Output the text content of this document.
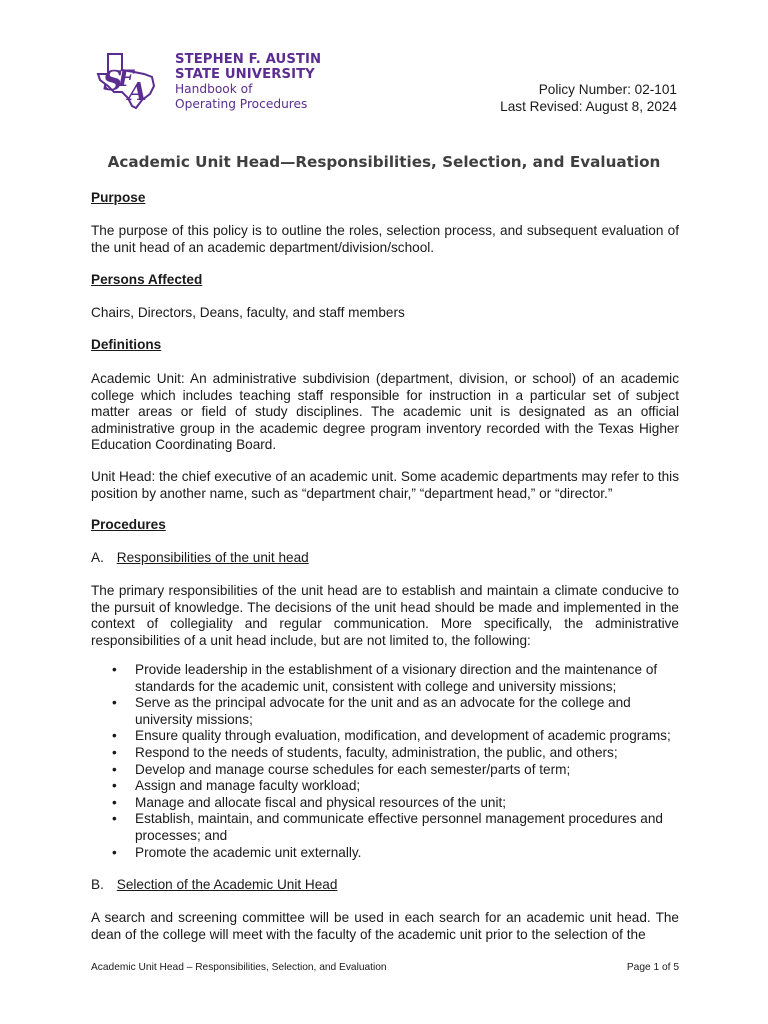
S
F
A
STEPHEN F. AUSTIN
STATE UNIVERSITY
Handbook of
Operating Procedures
Policy Number: 02-101
Last Revised: August 8, 2024
Academic Unit Head—Responsibilities, Selection, and Evaluation
Purpose
The purpose of this policy is to outline the roles, selection process, and subsequent evaluation of the unit head of an academic department/division/school.
Persons Affected
Chairs, Directors, Deans, faculty, and staff members
Definitions
Academic Unit: An administrative subdivision (department, division, or school) of an academic college which includes teaching staff responsible for instruction in a particular set of subject matter areas or field of study disciplines. The academic unit is designated as an official administrative group in the academic degree program inventory recorded with the Texas Higher Education Coordinating Board.
Unit Head: the chief executive of an academic unit. Some academic departments may refer to this position by another name, such as “department chair,” “department head,” or “director.”
Procedures
A. Responsibilities of the unit head
The primary responsibilities of the unit head are to establish and maintain a climate conducive to the pursuit of knowledge. The decisions of the unit head should be made and implemented in the context of collegiality and regular communication. More specifically, the administrative responsibilities of a unit head include, but are not limited to, the following:
• Provide leadership in the establishment of a visionary direction and the maintenance of standards for the academic unit, consistent with college and university missions;
• Serve as the principal advocate for the unit and as an advocate for the college and university missions;
• Ensure quality through evaluation, modification, and development of academic programs;
• Respond to the needs of students, faculty, administration, the public, and others;
• Develop and manage course schedules for each semester/parts of term;
• Assign and manage faculty workload;
• Manage and allocate fiscal and physical resources of the unit;
• Establish, maintain, and communicate effective personnel management procedures and processes; and
• Promote the academic unit externally.
B. Selection of the Academic Unit Head
A search and screening committee will be used in each search for an academic unit head. The dean of the college will meet with the faculty of the academic unit prior to the selection of the
Academic Unit Head – Responsibilities, Selection, and Evaluation	Page 1 of 5
